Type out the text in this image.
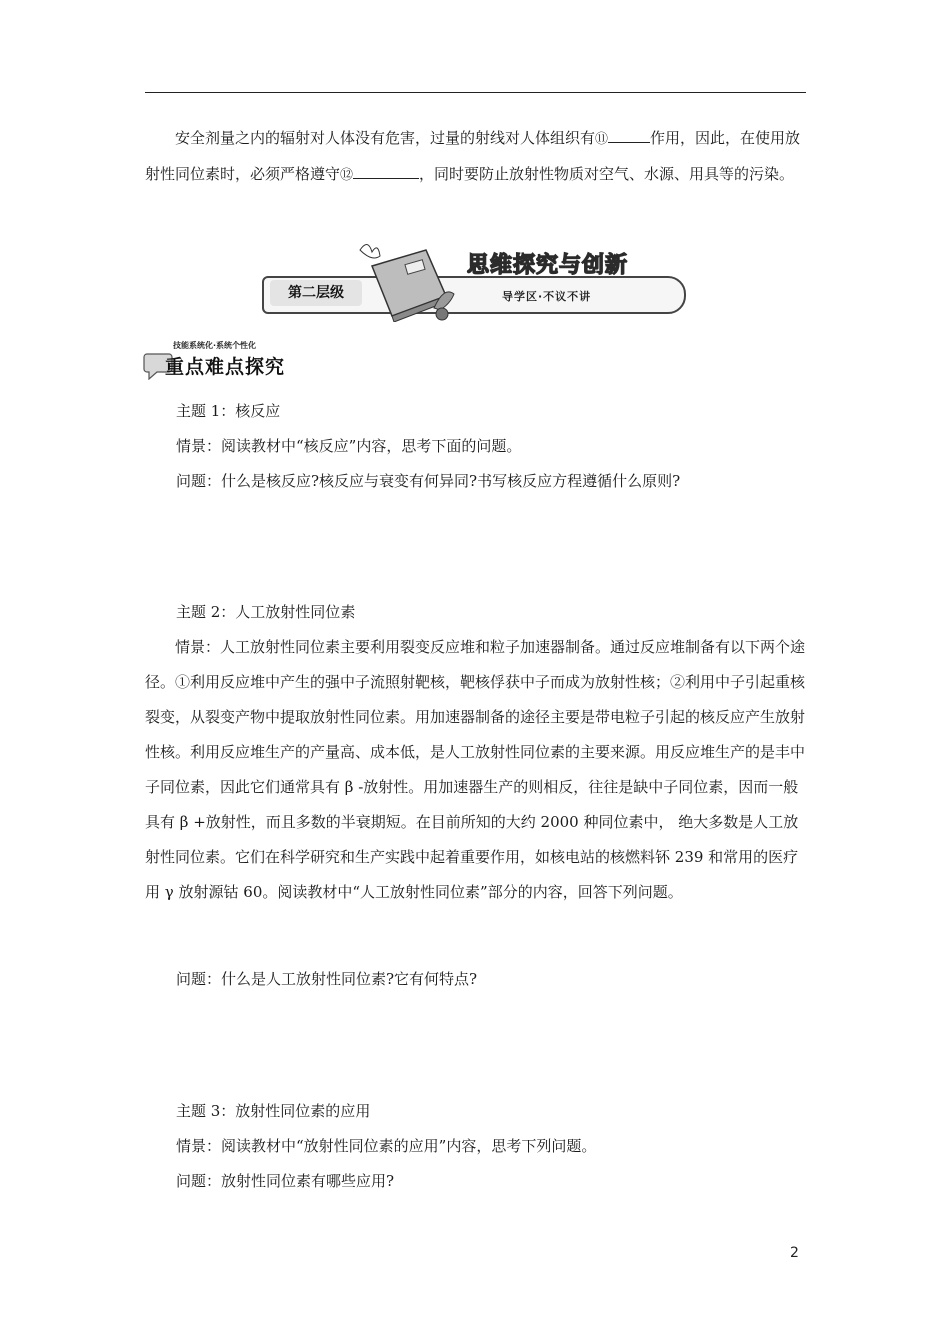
安全剂量之内的辐射对人体没有危害，过量的射线对人体组织有⑪	作用，因此，在使用放射性同位素时，必须严格遵守⑫	，同时要防止放射性物质对空气、水源、用具等的污染。

第二层级
思维探究与创新
导学区·不议不讲
技能系统化·系统个性化
重点难点探究

主题 1：核反应

情景：阅读教材中“核反应”内容，思考下面的问题。

问题：什么是核反应?核反应与衰变有何异同?书写核反应方程遵循什么原则?

主题 2：人工放射性同位素

情景：人工放射性同位素主要利用裂变反应堆和粒子加速器制备。通过反应堆制备有以下两个途径。①利用反应堆中产生的强中子流照射靶核，靶核俘获中子而成为放射性核；②利用中子引起重核裂变，从裂变产物中提取放射性同位素。用加速器制备的途径主要是带电粒子引起的核反应产生放射性核。利用反应堆生产的产量高、成本低，是人工放射性同位素的主要来源。用反应堆生产的是丰中子同位素，因此它们通常具有 β -放射性。用加速器生产的则相反，往往是缺中子同位素，因而一般具有 β +放射性，而且多数的半衰期短。在目前所知的大约 2000 种同位素中， 绝大多数是人工放射性同位素。它们在科学研究和生产实践中起着重要作用，如核电站的核燃料钚 239 和常用的医疗用 γ 放射源钴 60。阅读教材中“人工放射性同位素”部分的内容，回答下列问题。

问题：什么是人工放射性同位素?它有何特点?

主题 3：放射性同位素的应用

情景：阅读教材中“放射性同位素的应用”内容，思考下列问题。

问题：放射性同位素有哪些应用?

2
